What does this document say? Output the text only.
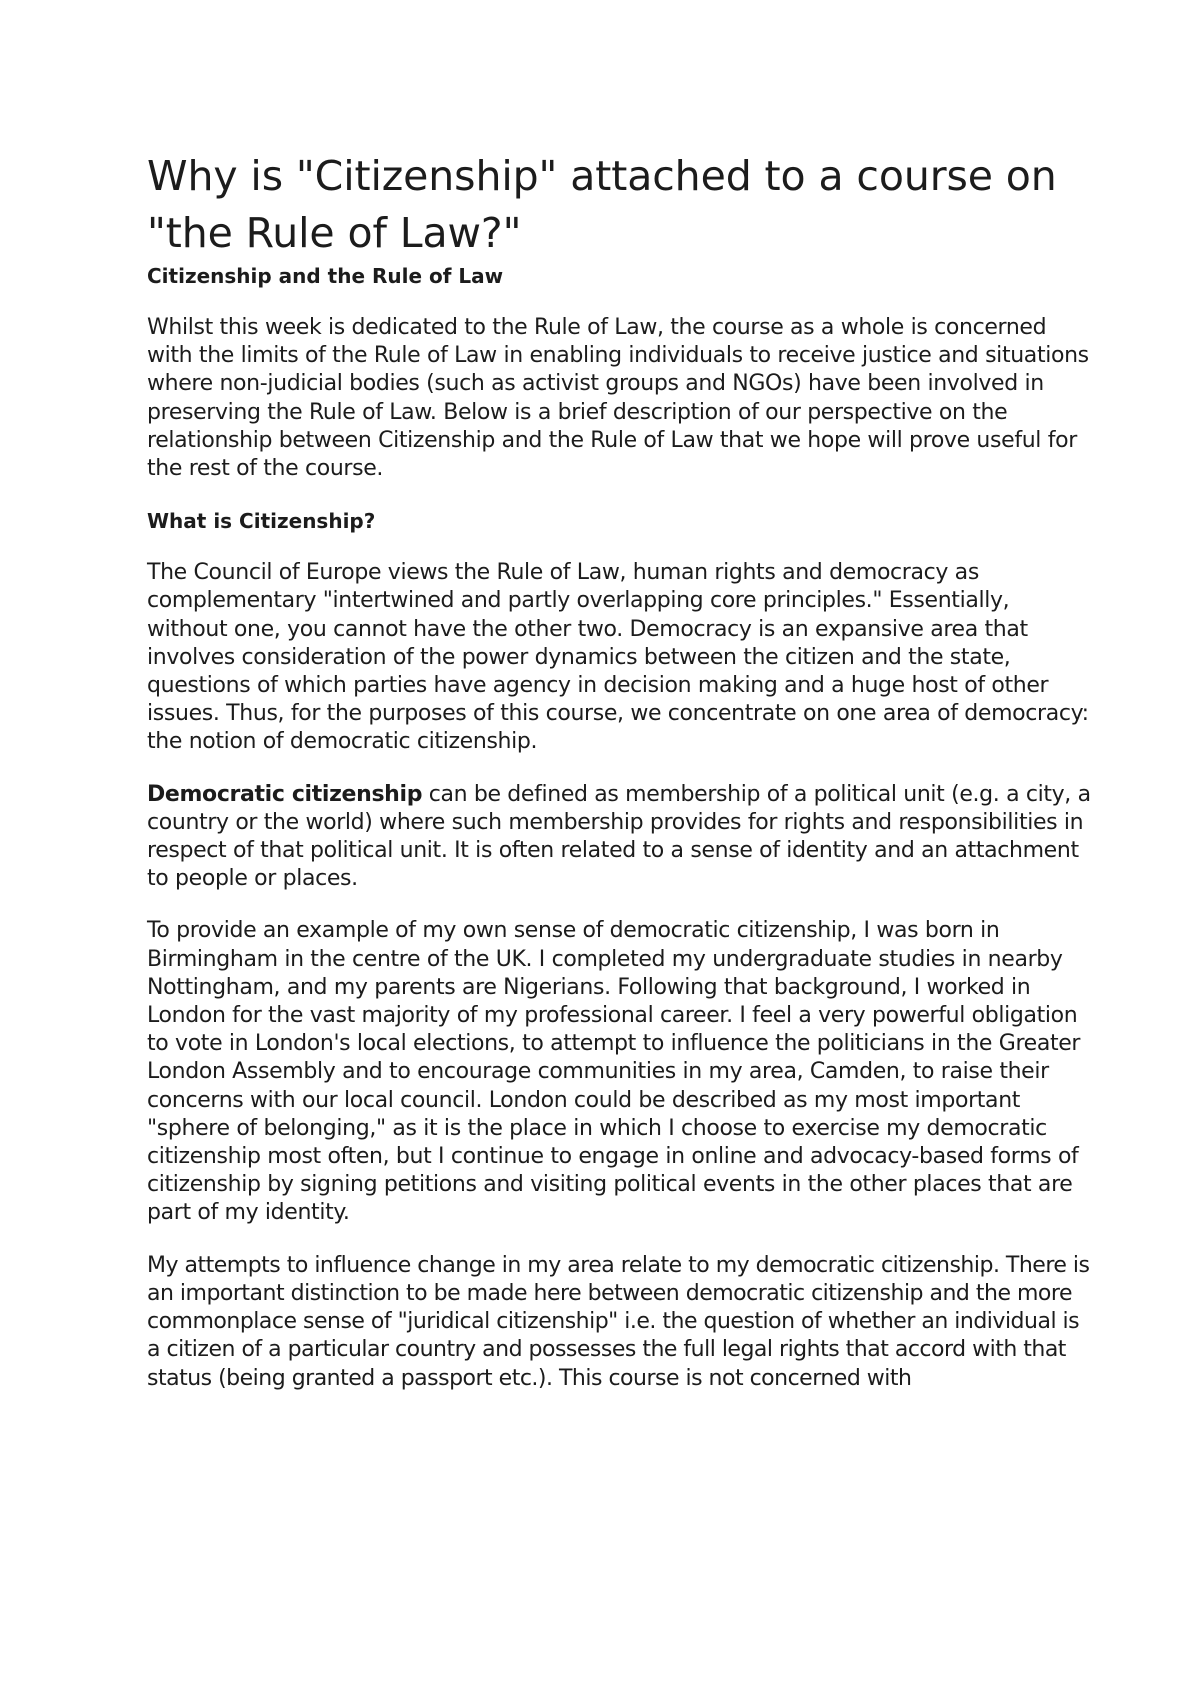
Why is "Citizenship" attached to a course on "the Rule of Law?"

Citizenship and the Rule of Law

Whilst this week is dedicated to the Rule of Law, the course as a whole is concerned with the limits of the Rule of Law in enabling individuals to receive justice and situations where non-judicial bodies (such as activist groups and NGOs) have been involved in preserving the Rule of Law. Below is a brief description of our perspective on the relationship between Citizenship and the Rule of Law that we hope will prove useful for the rest of the course.

What is Citizenship?

The Council of Europe views the Rule of Law, human rights and democracy as complementary "intertwined and partly overlapping core principles." Essentially, without one, you cannot have the other two. Democracy is an expansive area that involves consideration of the power dynamics between the citizen and the state, questions of which parties have agency in decision making and a huge host of other issues. Thus, for the purposes of this course, we concentrate on one area of democracy: the notion of democratic citizenship.

Democratic citizenship can be defined as membership of a political unit (e.g. a city, a country or the world) where such membership provides for rights and responsibilities in respect of that political unit. It is often related to a sense of identity and an attachment to people or places.

To provide an example of my own sense of democratic citizenship, I was born in Birmingham in the centre of the UK. I completed my undergraduate studies in nearby Nottingham, and my parents are Nigerians. Following that background, I worked in London for the vast majority of my professional career. I feel a very powerful obligation to vote in London's local elections, to attempt to influence the politicians in the Greater London Assembly and to encourage communities in my area, Camden, to raise their concerns with our local council. London could be described as my most important "sphere of belonging," as it is the place in which I choose to exercise my democratic citizenship most often, but I continue to engage in online and advocacy-based forms of citizenship by signing petitions and visiting political events in the other places that are part of my identity.

My attempts to influence change in my area relate to my democratic citizenship. There is an important distinction to be made here between democratic citizenship and the more commonplace sense of "juridical citizenship" i.e. the question of whether an individual is a citizen of a particular country and possesses the full legal rights that accord with that status (being granted a passport etc.). This course is not concerned with
